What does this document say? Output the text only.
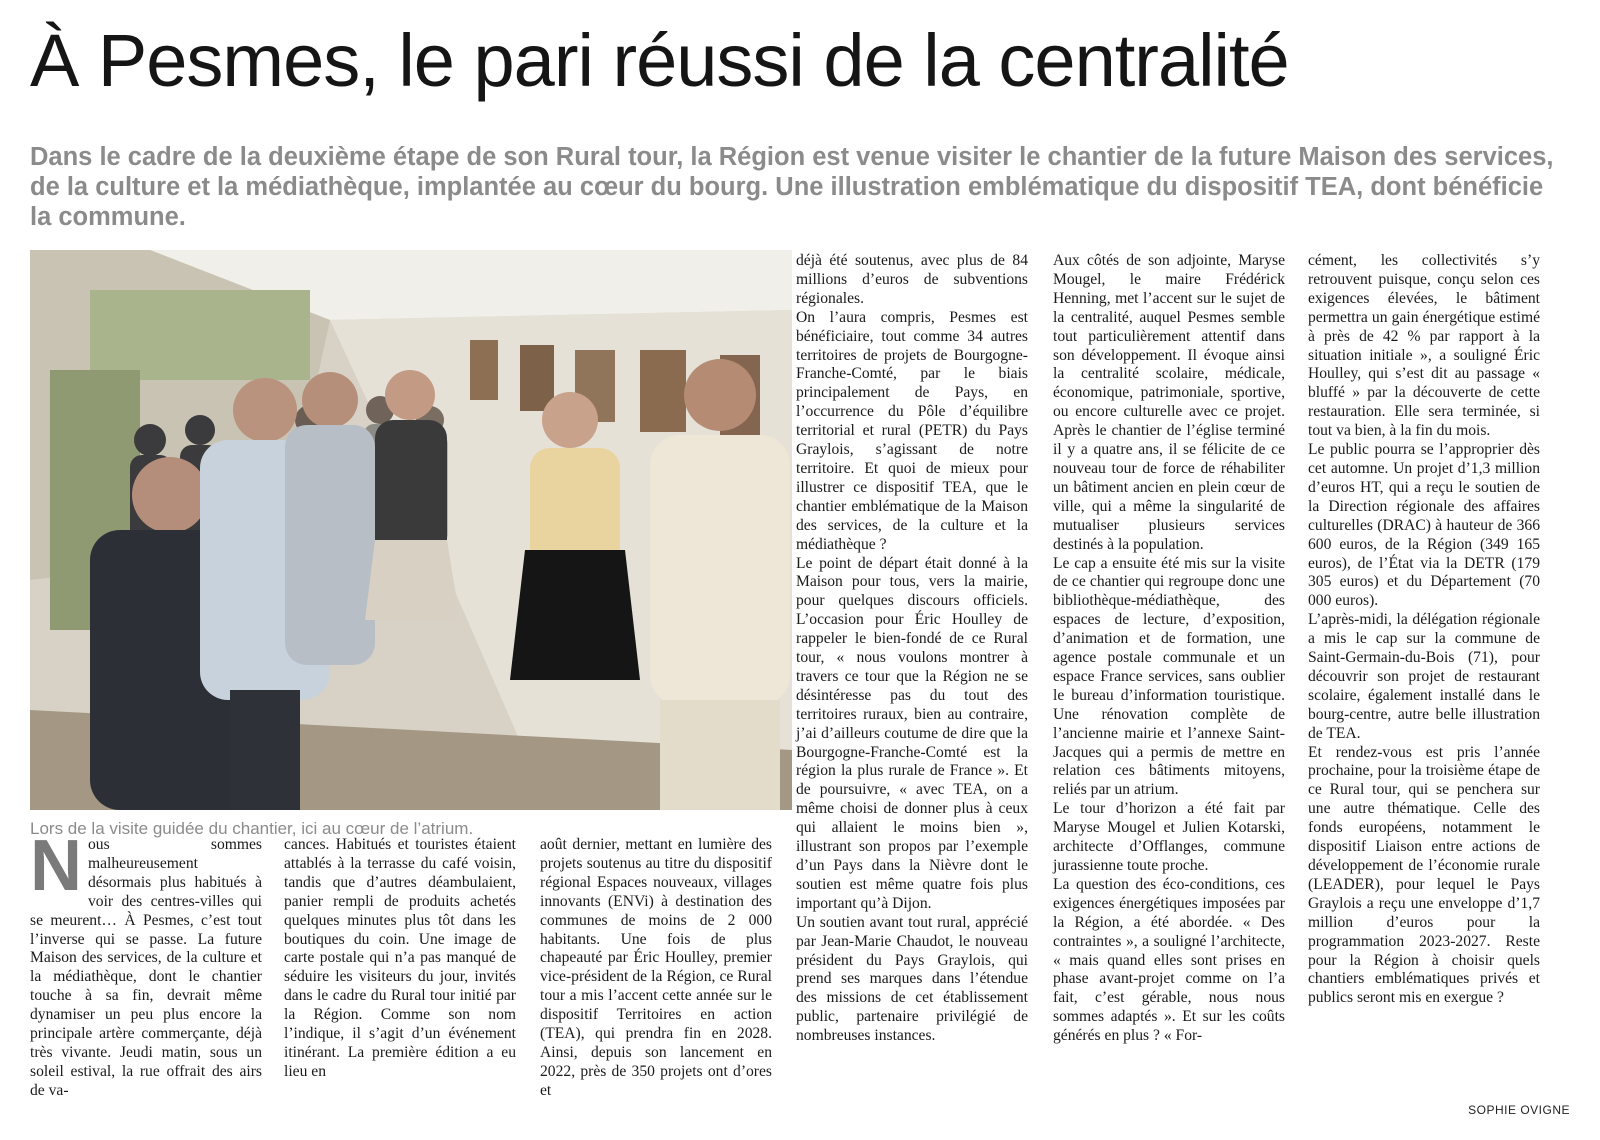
À Pesmes, le pari réussi de la centralité
Dans le cadre de la deuxième étape de son Rural tour, la Région est venue visiter le chantier de la future Maison des services, de la culture et la médiathèque, implantée au cœur du bourg. Une illustration emblématique du dispositif TEA, dont bénéficie la commune.
Lors de la visite guidée du chantier, ici au cœur de l’atrium.

Nous sommes malheureusement désormais plus habitués à voir des centres-villes qui se meurent… À Pesmes, c’est tout l’inverse qui se passe. La future Maison des services, de la culture et la médiathèque, dont le chantier touche à sa fin, devrait même dynamiser un peu plus encore la principale artère commerçante, déjà très vivante. Jeudi matin, sous un soleil estival, la rue offrait des airs de va-

cances. Habitués et touristes étaient attablés à la terrasse du café voisin, tandis que d’autres déambulaient, panier rempli de produits achetés quelques minutes plus tôt dans les boutiques du coin. Une image de carte postale qui n’a pas manqué de séduire les visiteurs du jour, invités dans le cadre du Rural tour initié par la Région. Comme son nom l’indique, il s’agit d’un événement itinérant. La première édition a eu lieu en

août dernier, mettant en lumière des projets soutenus au titre du dispositif régional Espaces nouveaux, villages innovants (ENVi) à destination des communes de moins de 2 000 habitants. Une fois de plus chapeauté par Éric Houlley, premier vice-président de la Région, ce Rural tour a mis l’accent cette année sur le dispositif Territoires en action (TEA), qui prendra fin en 2028. Ainsi, depuis son lancement en 2022, près de 350 projets ont d’ores et

déjà été soutenus, avec plus de 84 millions d’euros de subventions régionales.

On l’aura compris, Pesmes est bénéficiaire, tout comme 34 autres territoires de projets de Bourgogne-Franche-Comté, par le biais principalement de Pays, en l’occurrence du Pôle d’équilibre territorial et rural (PETR) du Pays Graylois, s’agissant de notre territoire. Et quoi de mieux pour illustrer ce dispositif TEA, que le chantier emblématique de la Maison des services, de la culture et la médiathèque ?

Le point de départ était donné à la Maison pour tous, vers la mairie, pour quelques discours officiels. L’occasion pour Éric Houlley de rappeler le bien-fondé de ce Rural tour, « nous voulons montrer à travers ce tour que la Région ne se désintéresse pas du tout des territoires ruraux, bien au contraire, j’ai d’ailleurs coutume de dire que la Bourgogne-Franche-Comté est la région la plus rurale de France ». Et de poursuivre, « avec TEA, on a même choisi de donner plus à ceux qui allaient le moins bien », illustrant son propos par l’exemple d’un Pays dans la Nièvre dont le soutien est même quatre fois plus important qu’à Dijon.

Un soutien avant tout rural, apprécié par Jean-Marie Chaudot, le nouveau président du Pays Graylois, qui prend ses marques dans l’étendue des missions de cet établissement public, partenaire privilégié de nombreuses instances.

Aux côtés de son adjointe, Maryse Mougel, le maire Frédérick Henning, met l’accent sur le sujet de la centralité, auquel Pesmes semble tout particulièrement attentif dans son développement. Il évoque ainsi la centralité scolaire, médicale, économique, patrimoniale, sportive, ou encore culturelle avec ce projet. Après le chantier de l’église terminé il y a quatre ans, il se félicite de ce nouveau tour de force de réhabiliter un bâtiment ancien en plein cœur de ville, qui a même la singularité de mutualiser plusieurs services destinés à la population.

Le cap a ensuite été mis sur la visite de ce chantier qui regroupe donc une bibliothèque-médiathèque, des espaces de lecture, d’exposition, d’animation et de formation, une agence postale communale et un espace France services, sans oublier le bureau d’information touristique. Une rénovation complète de l’ancienne mairie et l’annexe Saint-Jacques qui a permis de mettre en relation ces bâtiments mitoyens, reliés par un atrium.

Le tour d’horizon a été fait par Maryse Mougel et Julien Kotarski, architecte d’Offlanges, commune jurassienne toute proche.

La question des éco-conditions, ces exigences énergétiques imposées par la Région, a été abordée. « Des contraintes », a souligné l’architecte, « mais quand elles sont prises en phase avant-projet comme on l’a fait, c’est gérable, nous nous sommes adaptés ». Et sur les coûts générés en plus ? « For-

cément, les collectivités s’y retrouvent puisque, conçu selon ces exigences élevées, le bâtiment permettra un gain énergétique estimé à près de 42 % par rapport à la situation initiale », a souligné Éric Houlley, qui s’est dit au passage « bluffé » par la découverte de cette restauration. Elle sera terminée, si tout va bien, à la fin du mois.

Le public pourra se l’approprier dès cet automne. Un projet d’1,3 million d’euros HT, qui a reçu le soutien de la Direction régionale des affaires culturelles (DRAC) à hauteur de 366 600 euros, de la Région (349 165 euros), de l’État via la DETR (179 305 euros) et du Département (70 000 euros).

L’après-midi, la délégation régionale a mis le cap sur la commune de Saint-Germain-du-Bois (71), pour découvrir son projet de restaurant scolaire, également installé dans le bourg-centre, autre belle illustration de TEA.

Et rendez-vous est pris l’année prochaine, pour la troisième étape de ce Rural tour, qui se penchera sur une autre thématique. Celle des fonds européens, notamment le dispositif Liaison entre actions de développement de l’économie rurale (LEADER), pour lequel le Pays Graylois a reçu une enveloppe d’1,7 million d’euros pour la programmation 2023-2027. Reste pour la Région à choisir quels chantiers emblématiques privés et publics seront mis en exergue ?

SOPHIE OVIGNE
